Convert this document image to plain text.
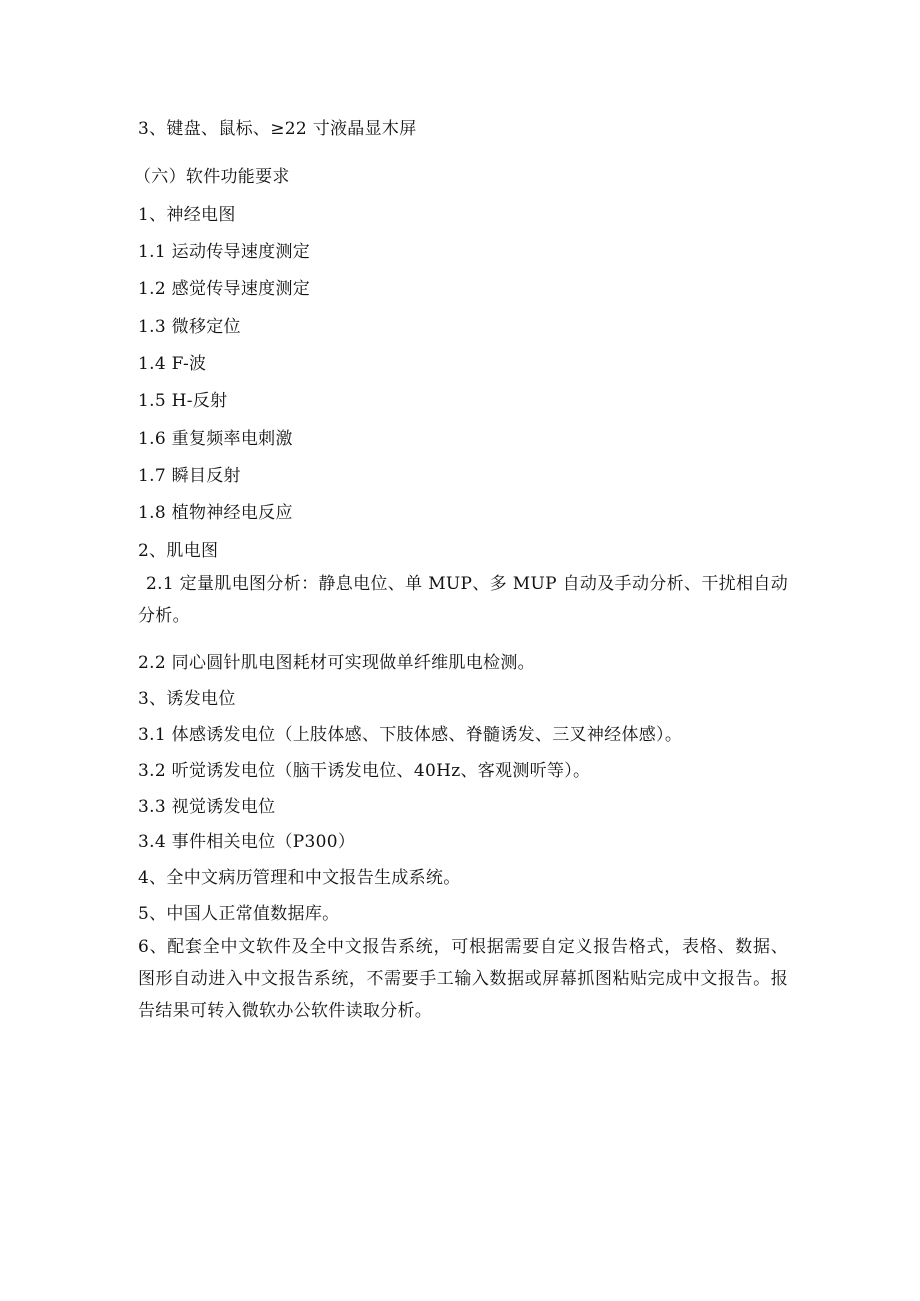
3、键盘、鼠标、≥22 寸液晶显木屏
（六）软件功能要求
1、神经电图
1.1 运动传导速度测定
1.2 感觉传导速度测定
1.3 微移定位
1.4 F-波
1.5 H-反射
1.6 重复频率电刺激
1.7 瞬目反射
1.8 植物神经电反应
2、肌电图
2.1 定量肌电图分析：静息电位、单 MUP、多 MUP 自动及手动分析、干扰相自动分析。
2.2 同心圆针肌电图耗材可实现做单纤维肌电检测。
3、诱发电位
3.1 体感诱发电位（上肢体感、下肢体感、脊髓诱发、三叉神经体感）。
3.2 听觉诱发电位（脑干诱发电位、40Hz、客观测听等）。
3.3 视觉诱发电位
3.4 事件相关电位（P300）
4、全中文病历管理和中文报告生成系统。
5、中国人正常值数据库。
6、配套全中文软件及全中文报告系统，可根据需要自定义报告格式，表格、数据、图形自动进入中文报告系统，不需要手工输入数据或屏幕抓图粘贴完成中文报告。报告结果可转入微软办公软件读取分析。
